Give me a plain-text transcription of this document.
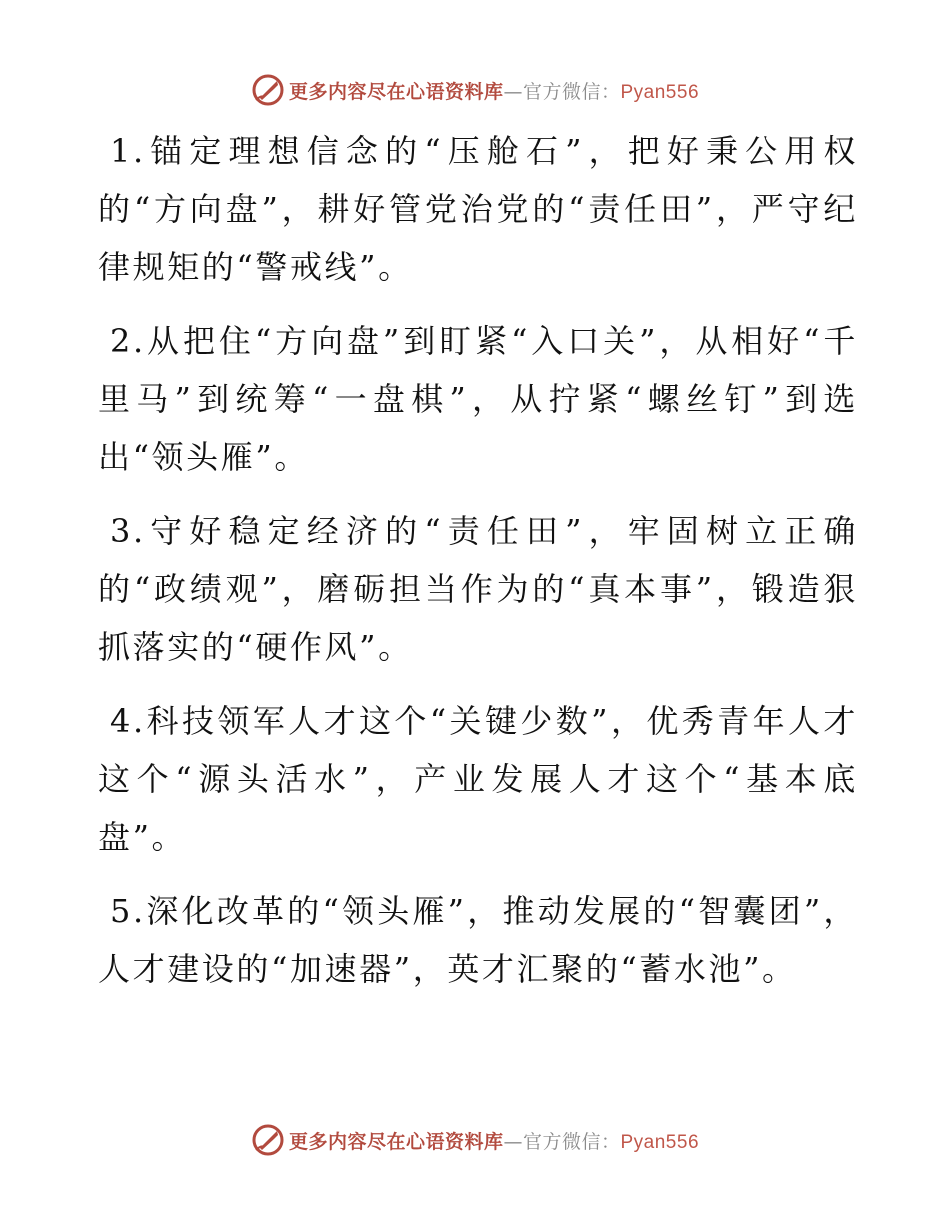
更多内容尽在心语资料库—官方微信：Pyan556

1.锚定理想信念的“压舱石”，把好秉公用权的“方向盘”，耕好管党治党的“责任田”，严守纪律规矩的“警戒线”。

2.从把住“方向盘”到盯紧“入口关”，从相好“千里马”到统筹“一盘棋”，从拧紧“螺丝钉”到选出“领头雁”。

3.守好稳定经济的“责任田”，牢固树立正确的“政绩观”，磨砺担当作为的“真本事”，锻造狠抓落实的“硬作风”。

4.科技领军人才这个“关键少数”，优秀青年人才这个“源头活水”，产业发展人才这个“基本底盘”。

5.深化改革的“领头雁”，推动发展的“智囊团”，人才建设的“加速器”，英才汇聚的“蓄水池”。

更多内容尽在心语资料库—官方微信：Pyan556
